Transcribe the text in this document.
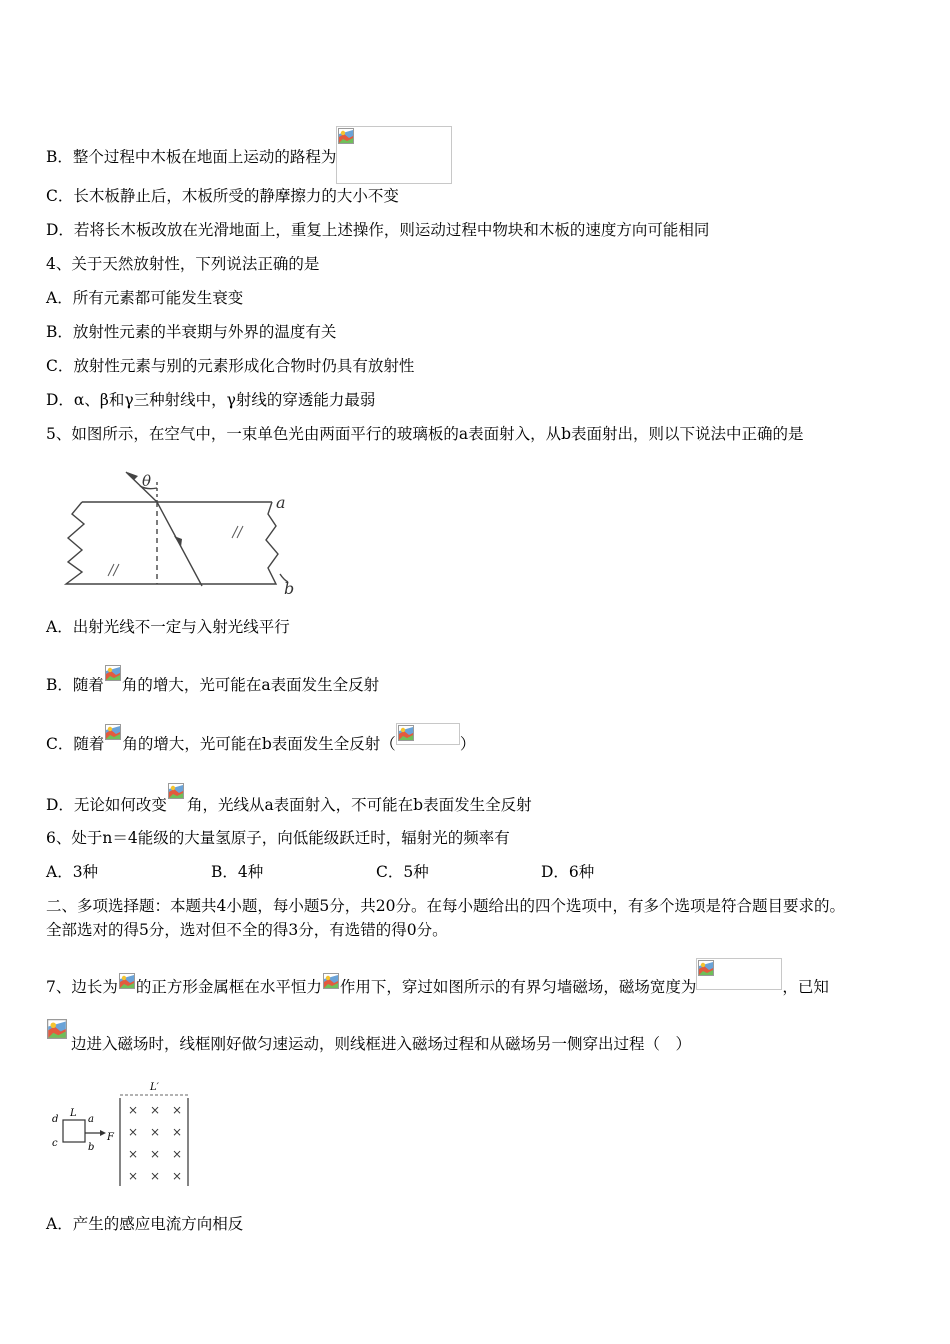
B．整个过程中木板在地面上运动的路程为
C．长木板静止后，木板所受的静摩擦力的大小不变
D．若将长木板改放在光滑地面上，重复上述操作，则运动过程中物块和木板的速度方向可能相同
4、关于天然放射性，下列说法正确的是
A．所有元素都可能发生衰变
B．放射性元素的半衰期与外界的温度有关
C．放射性元素与别的元素形成化合物时仍具有放射性
D．α、β和γ三种射线中，γ射线的穿透能力最弱
5、如图所示，在空气中，一束单色光由两面平行的玻璃板的a表面射入，从b表面射出，则以下说法中正确的是
θ
a
b
A．出射光线不一定与入射光线平行
B．随着 角的增大，光可能在a表面发生全反射
C．随着 角的增大，光可能在b表面发生全反射（	）
D．无论如何改变 角，光线从a表面射入，不可能在b表面发生全反射
6、处于n＝4能级的大量氢原子，向低能级跃迁时，辐射光的频率有
A．3种	B．4种	C．5种	D．6种
二、多项选择题：本题共4小题，每小题5分，共20分。在每小题给出的四个选项中，有多个选项是符合题目要求的。
全部选对的得5分，选对但不全的得3分，有选错的得0分。
7、边长为 的正方形金属框在水平恒力 作用下，穿过如图所示的有界匀墙磁场，磁场宽度为	，已知
边进入磁场时，线框刚好做匀速运动，则线框进入磁场过程和从磁场另一侧穿出过程（　）
L
a
d
c	b
F
L′
× × ×
× × ×
× × ×
× × ×
A．产生的感应电流方向相反
